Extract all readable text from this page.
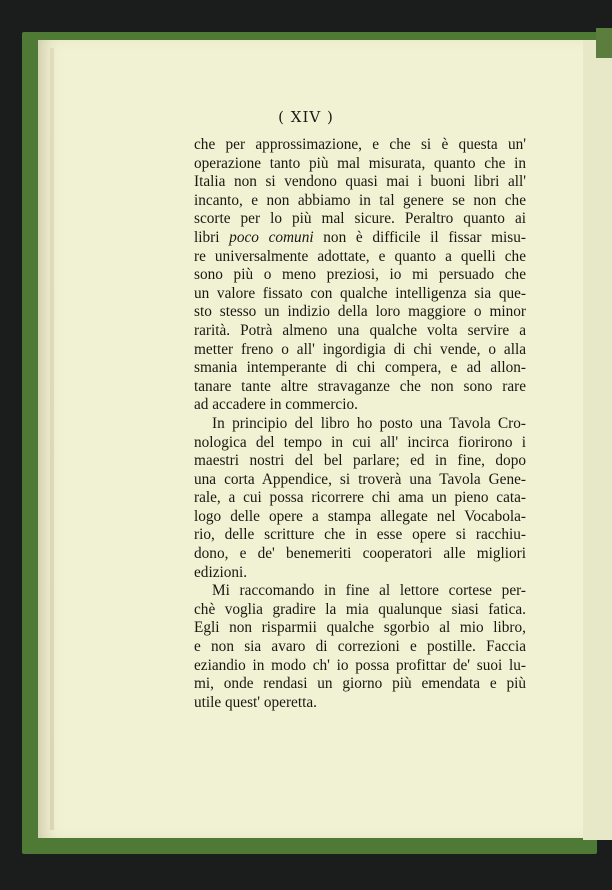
( XIV )
che per approssimazione, e che si è questa un'
operazione tanto più mal misurata, quanto che in
Italia non si vendono quasi mai i buoni libri all'
incanto, e non abbiamo in tal genere se non che
scorte per lo più mal sicure. Peraltro quanto ai
libri poco comuni non è difficile il fissar misu-
re universalmente adottate, e quanto a quelli che
sono più o meno preziosi, io mi persuado che
un valore fissato con qualche intelligenza sia que-
sto stesso un indizio della loro maggiore o minor
rarità. Potrà almeno una qualche volta servire a
metter freno o all' ingordigia di chi vende, o alla
smania intemperante di chi compera, e ad allon-
tanare tante altre stravaganze che non sono rare
ad accadere in commercio.
In principio del libro ho posto una Tavola Cro-
nologica del tempo in cui all' incirca fiorirono i
maestri nostri del bel parlare; ed in fine, dopo
una corta Appendice, si troverà una Tavola Gene-
rale, a cui possa ricorrere chi ama un pieno cata-
logo delle opere a stampa allegate nel Vocabola-
rio, delle scritture che in esse opere si racchiu-
dono, e de' benemeriti cooperatori alle migliori
edizioni.
Mi raccomando in fine al lettore cortese per-
chè voglia gradire la mia qualunque siasi fatica.
Egli non risparmii qualche sgorbio al mio libro,
e non sia avaro di correzioni e postille. Faccia
eziandio in modo ch' io possa profittar de' suoi lu-
mi, onde rendasi un giorno più emendata e più
utile quest' operetta.
